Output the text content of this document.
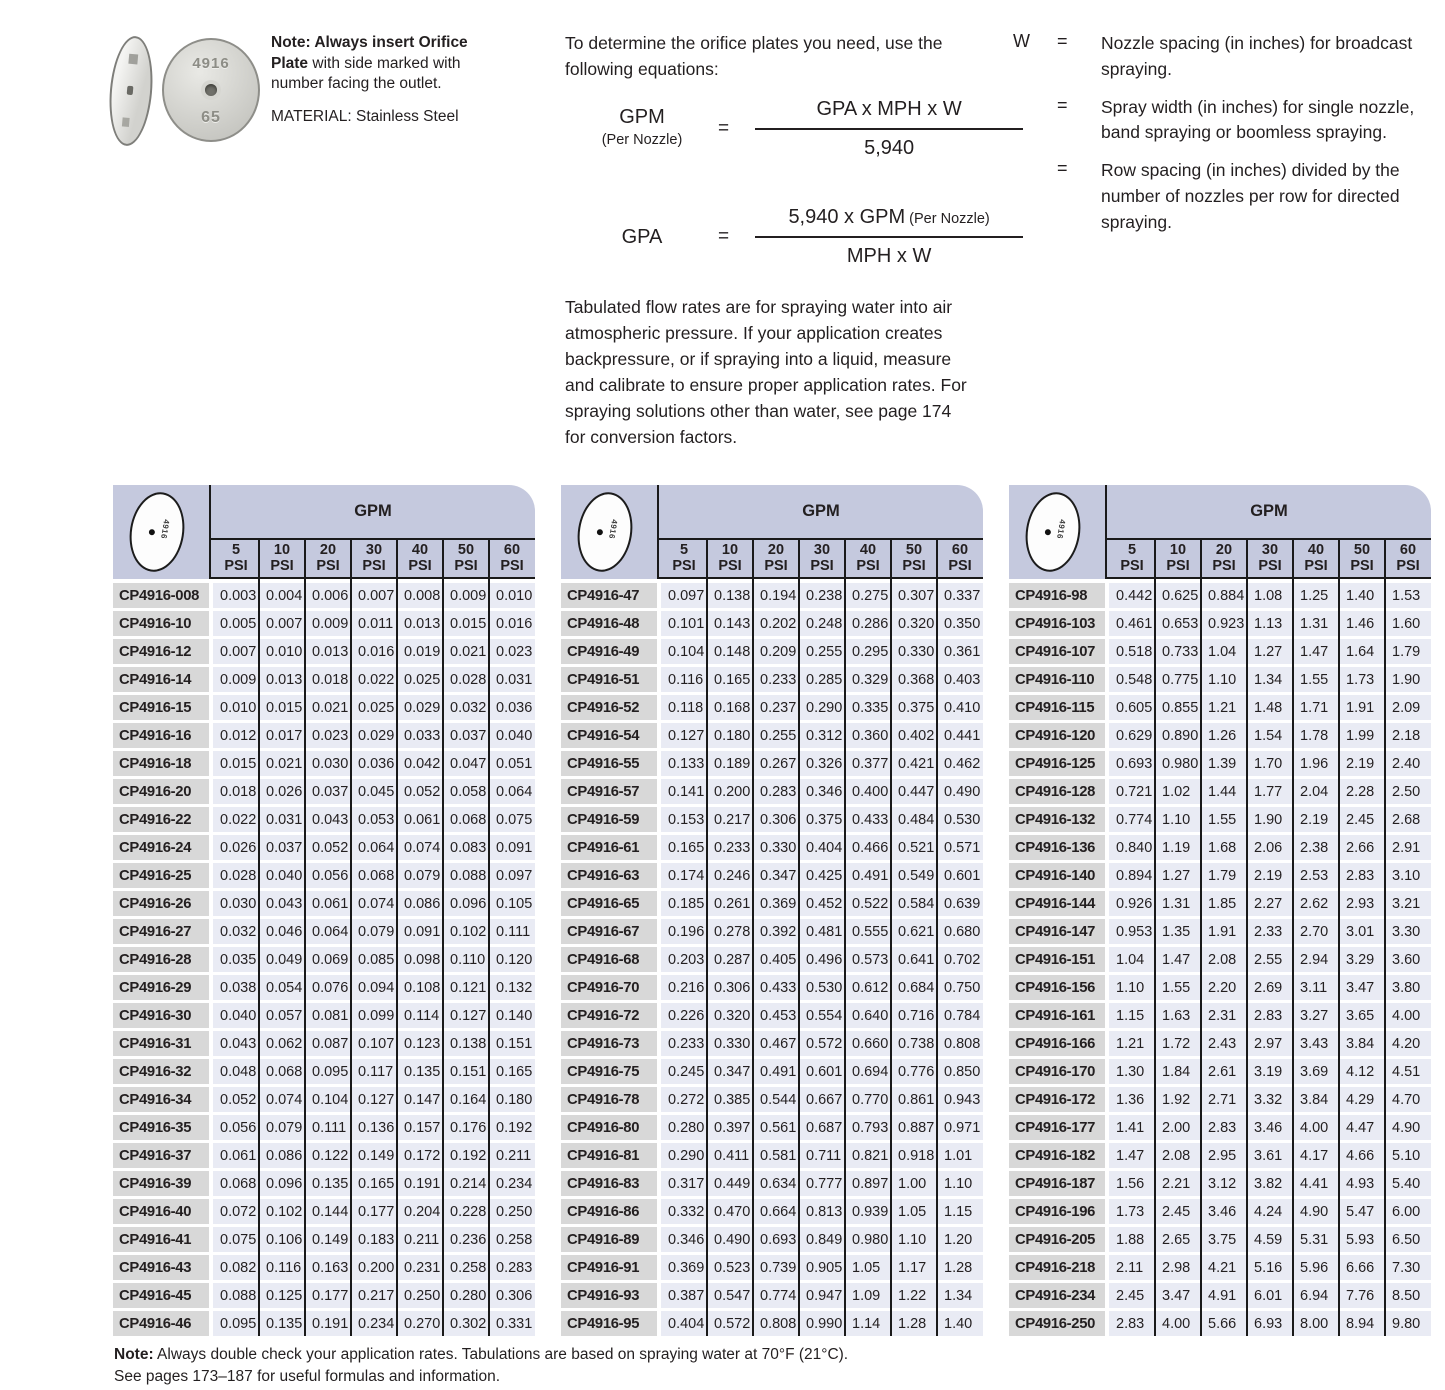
4916
65
Note: Always insert Orifice Plate with side marked with number facing the outlet.
MATERIAL: Stainless Steel
To determine the orifice plates you need, use the following equations:
GPM
(Per Nozzle)
= $\frac{\text{GPA x MPH x W}}{5,940}$
GPA	= $\frac{\text{5,940 x GPM (Per Nozzle)}}{\text{MPH x W}}$
Tabulated flow rates are for spraying water into air atmospheric pressure. If your application creates backpressure, or if spraying into a liquid, measure and calibrate to ensure proper application rates. For spraying solutions other than water, see page 174 for conversion factors.
W	=	Nozzle spacing (in inches) for broadcast spraying.
=	Spray width (in inches) for single nozzle, band spraying or boomless spraying.
=	Row spacing (in inches) divided by the number of nozzles per row for directed spraying.
4916
GPM
5
PSI
10
PSI
20
PSI
30
PSI
40
PSI
50
PSI
60
PSI
CP4916-008	0.003 0.004 0.006 0.007 0.008 0.009 0.010
CP4916-10	0.005 0.007 0.009 0.011 0.013 0.015 0.016
CP4916-12	0.007 0.010 0.013 0.016 0.019 0.021 0.023
CP4916-14	0.009 0.013 0.018 0.022 0.025 0.028 0.031
CP4916-15	0.010 0.015 0.021 0.025 0.029 0.032 0.036
CP4916-16	0.012 0.017 0.023 0.029 0.033 0.037 0.040
CP4916-18	0.015 0.021 0.030 0.036 0.042 0.047 0.051
CP4916-20	0.018 0.026 0.037 0.045 0.052 0.058 0.064
CP4916-22	0.022 0.031 0.043 0.053 0.061 0.068 0.075
CP4916-24	0.026 0.037 0.052 0.064 0.074 0.083 0.091
CP4916-25	0.028 0.040 0.056 0.068 0.079 0.088 0.097
CP4916-26	0.030 0.043 0.061 0.074 0.086 0.096 0.105
CP4916-27	0.032 0.046 0.064 0.079 0.091 0.102 0.111
CP4916-28	0.035 0.049 0.069 0.085 0.098 0.110 0.120
CP4916-29	0.038 0.054 0.076 0.094 0.108 0.121 0.132
CP4916-30	0.040 0.057 0.081 0.099 0.114 0.127 0.140
CP4916-31	0.043 0.062 0.087 0.107 0.123 0.138 0.151
CP4916-32	0.048 0.068 0.095 0.117 0.135 0.151 0.165
CP4916-34	0.052 0.074 0.104 0.127 0.147 0.164 0.180
CP4916-35	0.056 0.079 0.111 0.136 0.157 0.176 0.192
CP4916-37	0.061 0.086 0.122 0.149 0.172 0.192 0.211
CP4916-39	0.068 0.096 0.135 0.165 0.191 0.214 0.234
CP4916-40	0.072 0.102 0.144 0.177 0.204 0.228 0.250
CP4916-41	0.075 0.106 0.149 0.183 0.211 0.236 0.258
CP4916-43	0.082 0.116 0.163 0.200 0.231 0.258 0.283
CP4916-45	0.088 0.125 0.177 0.217 0.250 0.280 0.306
CP4916-46	0.095 0.135 0.191 0.234 0.270 0.302 0.331
4916
GPM
5
PSI
10
PSI
20
PSI
30
PSI
40
PSI
50
PSI
60
PSI
CP4916-47	0.097 0.138 0.194 0.238 0.275 0.307 0.337
CP4916-48	0.101 0.143 0.202 0.248 0.286 0.320 0.350
CP4916-49	0.104 0.148 0.209 0.255 0.295 0.330 0.361
CP4916-51	0.116 0.165 0.233 0.285 0.329 0.368 0.403
CP4916-52	0.118 0.168 0.237 0.290 0.335 0.375 0.410
CP4916-54	0.127 0.180 0.255 0.312 0.360 0.402 0.441
CP4916-55	0.133 0.189 0.267 0.326 0.377 0.421 0.462
CP4916-57	0.141 0.200 0.283 0.346 0.400 0.447 0.490
CP4916-59	0.153 0.217 0.306 0.375 0.433 0.484 0.530
CP4916-61	0.165 0.233 0.330 0.404 0.466 0.521 0.571
CP4916-63	0.174 0.246 0.347 0.425 0.491 0.549 0.601
CP4916-65	0.185 0.261 0.369 0.452 0.522 0.584 0.639
CP4916-67	0.196 0.278 0.392 0.481 0.555 0.621 0.680
CP4916-68	0.203 0.287 0.405 0.496 0.573 0.641 0.702
CP4916-70	0.216 0.306 0.433 0.530 0.612 0.684 0.750
CP4916-72	0.226 0.320 0.453 0.554 0.640 0.716 0.784
CP4916-73	0.233 0.330 0.467 0.572 0.660 0.738 0.808
CP4916-75	0.245 0.347 0.491 0.601 0.694 0.776 0.850
CP4916-78	0.272 0.385 0.544 0.667 0.770 0.861 0.943
CP4916-80	0.280 0.397 0.561 0.687 0.793 0.887 0.971
CP4916-81	0.290 0.411 0.581 0.711 0.821 0.918 1.01
CP4916-83	0.317 0.449 0.634 0.777 0.897 1.00	1.10
CP4916-86	0.332 0.470 0.664 0.813 0.939 1.05	1.15
CP4916-89	0.346 0.490 0.693 0.849 0.980 1.10	1.20
CP4916-91	0.369 0.523 0.739 0.905 1.05	1.17	1.28
CP4916-93	0.387 0.547 0.774 0.947 1.09	1.22	1.34
CP4916-95	0.404 0.572 0.808 0.990 1.14	1.28	1.40
4916
GPM
5
PSI
10
PSI
20
PSI
30
PSI
40
PSI
50
PSI
60
PSI
CP4916-98	0.442 0.625 0.884 1.08	1.25	1.40	1.53
CP4916-103	0.461 0.653 0.923 1.13	1.31	1.46	1.60
CP4916-107	0.518 0.733 1.04	1.27	1.47	1.64	1.79
CP4916-110	0.548 0.775 1.10	1.34	1.55	1.73	1.90
CP4916-115	0.605 0.855 1.21	1.48	1.71	1.91	2.09
CP4916-120	0.629 0.890 1.26	1.54	1.78	1.99	2.18
CP4916-125	0.693 0.980 1.39	1.70	1.96	2.19	2.40
CP4916-128	0.721 1.02	1.44	1.77	2.04	2.28	2.50
CP4916-132	0.774 1.10	1.55	1.90	2.19	2.45	2.68
CP4916-136	0.840 1.19	1.68	2.06	2.38	2.66	2.91
CP4916-140	0.894 1.27	1.79	2.19	2.53	2.83	3.10
CP4916-144	0.926 1.31	1.85	2.27	2.62	2.93	3.21
CP4916-147	0.953 1.35	1.91	2.33	2.70	3.01	3.30
CP4916-151	1.04	1.47	2.08	2.55	2.94	3.29	3.60
CP4916-156	1.10	1.55	2.20	2.69	3.11	3.47	3.80
CP4916-161	1.15	1.63	2.31	2.83	3.27	3.65	4.00
CP4916-166	1.21	1.72	2.43	2.97	3.43	3.84	4.20
CP4916-170	1.30	1.84	2.61	3.19	3.69	4.12	4.51
CP4916-172	1.36	1.92	2.71	3.32	3.84	4.29	4.70
CP4916-177	1.41	2.00	2.83	3.46	4.00	4.47	4.90
CP4916-182	1.47	2.08	2.95	3.61	4.17	4.66	5.10
CP4916-187	1.56	2.21	3.12	3.82	4.41	4.93	5.40
CP4916-196	1.73	2.45	3.46	4.24	4.90	5.47	6.00
CP4916-205	1.88	2.65	3.75	4.59	5.31	5.93	6.50
CP4916-218	2.11	2.98	4.21	5.16	5.96	6.66	7.30
CP4916-234	2.45	3.47	4.91	6.01	6.94	7.76	8.50
CP4916-250	2.83	4.00	5.66	6.93	8.00	8.94	9.80
Note: Always double check your application rates. Tabulations are based on spraying water at 70°F (21°C).
See pages 173–187 for useful formulas and information.
